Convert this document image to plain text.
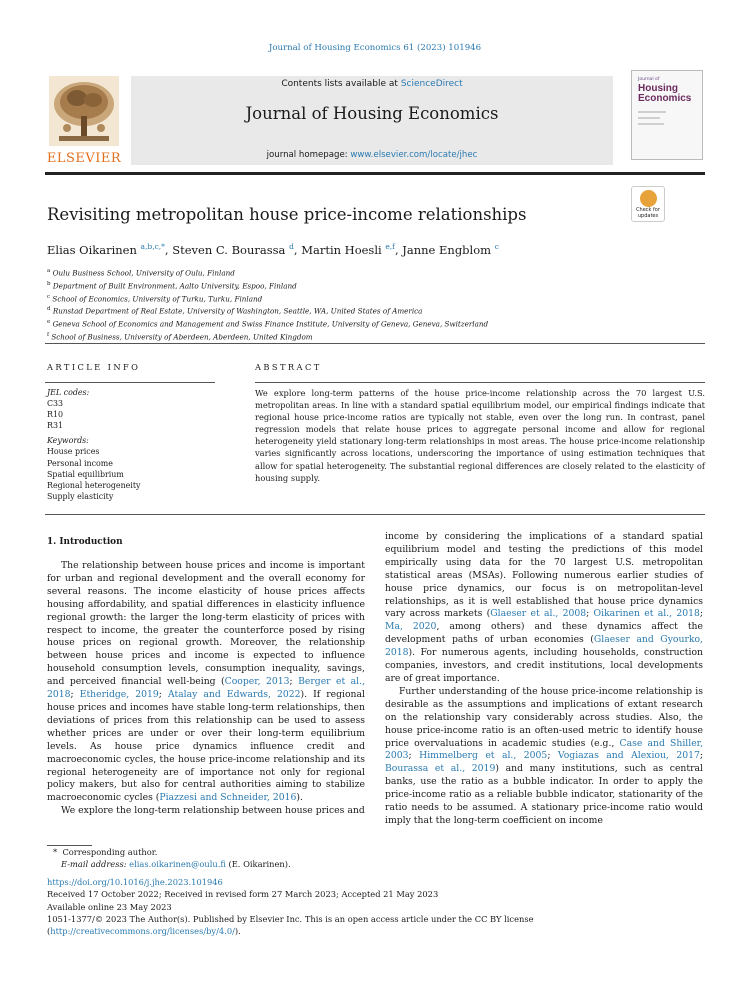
Journal of Housing Economics 61 (2023) 101946
ELSEVIER
Contents lists available at ScienceDirect
Journal of Housing Economics
journal homepage: www.elsevier.com/locate/jhec
Journal of
Housing
Economics
Revisiting metropolitan house price-income relationships	Check for
updates
Elias Oikarinen $^{a,b,c,*}$, Steven C. Bourassa $^d$, Martin Hoesli $^{e,f}$, Janne Engblom $^c$
$^a$ Oulu Business School, University of Oulu, Finland
$^b$ Department of Built Environment, Aalto University, Espoo, Finland
$^c$ School of Economics, University of Turku, Turku, Finland
$^d$ Runstad Department of Real Estate, University of Washington, Seattle, WA, United States of America
$^e$ Geneva School of Economics and Management and Swiss Finance Institute, University of Geneva, Geneva, Switzerland
$^f$ School of Business, University of Aberdeen, Aberdeen, United Kingdom
ARTICLE INFO	ABSTRACT
JEL codes:
C33
R10
R31
Keywords:
House prices
Personal income
Spatial equilibrium
Regional heterogeneity
Supply elasticity
We explore long-term patterns of the house price-income relationship across the 70 largest U.S. metropolitan areas. In line with a standard spatial equilibrium model, our empirical findings indicate that regional house price-income ratios are typically not stable, even over the long run. In contrast, panel regression models that relate house prices to aggregate personal income and allow for regional heterogeneity yield stationary long-term relationships in most areas. The house price-income relationship varies significantly across locations, underscoring the importance of using estimation techniques that allow for spatial heterogeneity. The substantial regional differences are closely related to the elasticity of housing supply.
1. Introduction

The relationship between house prices and income is important for urban and regional development and the overall economy for several reasons. The income elasticity of house prices affects housing affordability, and spatial differences in elasticity influence regional growth: the larger the long-term elasticity of prices with respect to income, the greater the counterforce posed by rising house prices on regional growth. Moreover, the relationship between house prices and income is expected to influence household consumption levels, consumption inequality, savings, and perceived financial well-being (Cooper, 2013; Berger et al., 2018; Etheridge, 2019; Atalay and Edwards, 2022). If regional house prices and incomes have stable long-term relationships, then deviations of prices from this relationship can be used to assess whether prices are under or over their long-term equilibrium levels. As house price dynamics influence credit and macroeconomic cycles, the house price-income relationship and its regional heterogeneity are of importance not only for regional policy makers, but also for central authorities aiming to stabilize macroeconomic cycles (Piazzesi and Schneider, 2016).

We explore the long-term relationship between house prices and

income by considering the implications of a standard spatial equilibrium model and testing the predictions of this model empirically using data for the 70 largest U.S. metropolitan statistical areas (MSAs). Following numerous earlier studies of house price dynamics, our focus is on metropolitan-level relationships, as it is well established that house price dynamics vary across markets (Glaeser et al., 2008; Oikarinen et al., 2018; Ma, 2020, among others) and these dynamics affect the development paths of urban economies (Glaeser and Gyourko, 2018). For numerous agents, including households, construction companies, investors, and credit institutions, local developments are of great importance.

Further understanding of the house price-income relationship is desirable as the assumptions and implications of extant research on the relationship vary considerably across studies. Also, the house price-income ratio is an often-used metric to identify house price overvaluations in academic studies (e.g., Case and Shiller, 2003; Himmelberg et al., 2005; Vogiazas and Alexiou, 2017; Bourassa et al., 2019) and many institutions, such as central banks, use the ratio as a bubble indicator. In order to apply the price-income ratio as a reliable bubble indicator, stationarity of the ratio needs to be assumed. A stationary price-income ratio would imply that the long-term coefficient on income

*  Corresponding author.
E-mail address: elias.oikarinen@oulu.fi (E. Oikarinen).
https://doi.org/10.1016/j.jhe.2023.101946
Received 17 October 2022; Received in revised form 27 March 2023; Accepted 21 May 2023
Available online 23 May 2023
1051-1377/© 2023 The Author(s). Published by Elsevier Inc. This is an open access article under the CC BY license (http://creativecommons.org/licenses/by/4.0/).
